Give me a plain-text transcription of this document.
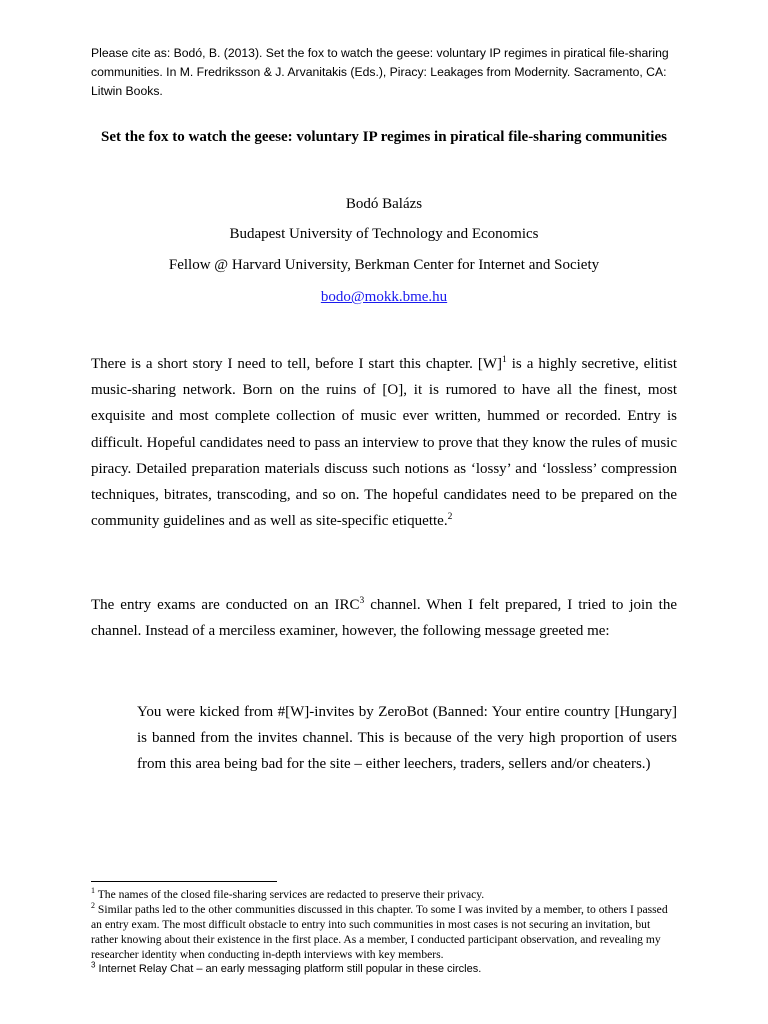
Please cite as: Bodó, B. (2013). Set the fox to watch the geese: voluntary IP regimes in piratical file-sharing communities. In M. Fredriksson & J. Arvanitakis (Eds.), Piracy: Leakages from Modernity. Sacramento, CA: Litwin Books.
Set the fox to watch the geese: voluntary IP regimes in piratical file-sharing communities
Bodó Balázs
Budapest University of Technology and Economics
Fellow @ Harvard University, Berkman Center for Internet and Society
bodo@mokk.bme.hu

There is a short story I need to tell, before I start this chapter. $[W]^1$ is a highly secretive, elitist music-sharing network. Born on the ruins of [O], it is rumored to have all the finest, most exquisite and most complete collection of music ever written, hummed or recorded. Entry is difficult. Hopeful candidates need to pass an interview to prove that they know the rules of music piracy. Detailed preparation materials discuss such notions as ‘lossy’ and ‘lossless’ compression techniques, bitrates, transcoding, and so on. The hopeful candidates need to be prepared on the community guidelines and as well as site-specific etiquette.$^2$

The entry exams are conducted on an IRC$^3$ channel. When I felt prepared, I tried to join the channel. Instead of a merciless examiner, however, the following message greeted me:

You were kicked from #[W]-invites by ZeroBot (Banned: Your entire country [Hungary] is banned from the invites channel. This is because of the very high proportion of users from this area being bad for the site – either leechers, traders, sellers and/or cheaters.)

$^1$ The names of the closed file-sharing services are redacted to preserve their privacy.

$^2$ Similar paths led to the other communities discussed in this chapter. To some I was invited by a member, to others I passed an entry exam. The most difficult obstacle to entry into such communities in most cases is not securing an invitation, but rather knowing about their existence in the first place. As a member, I conducted participant observation, and revealing my researcher identity when conducting in-depth interviews with key members.

$^3$ Internet Relay Chat – an early messaging platform still popular in these circles.
